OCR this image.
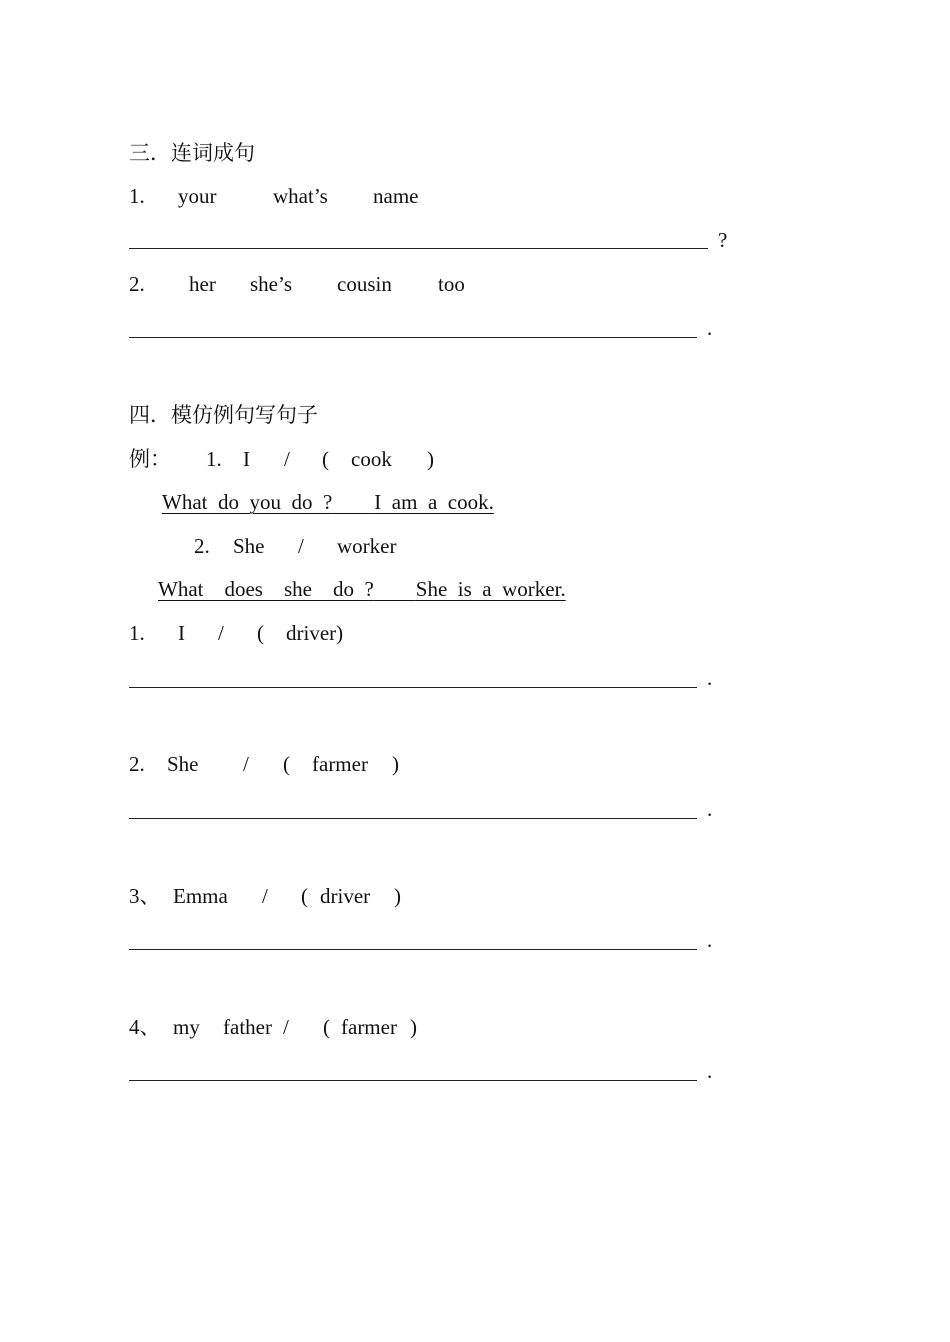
三．连词成句
1. your	what’s name
?
2. her she’s cousin too
.
四．模仿例句写句子
例： 1. I / ( cook )
What  do  you  do  ? I  am  a  cook.
2. She / worker
What    does    she    do  ? She  is  a  worker.
1. I / ( driver)
.
2. She / ( farmer )
.
3、 Emma / ( driver )
.
4、 my father / ( farmer )
.
